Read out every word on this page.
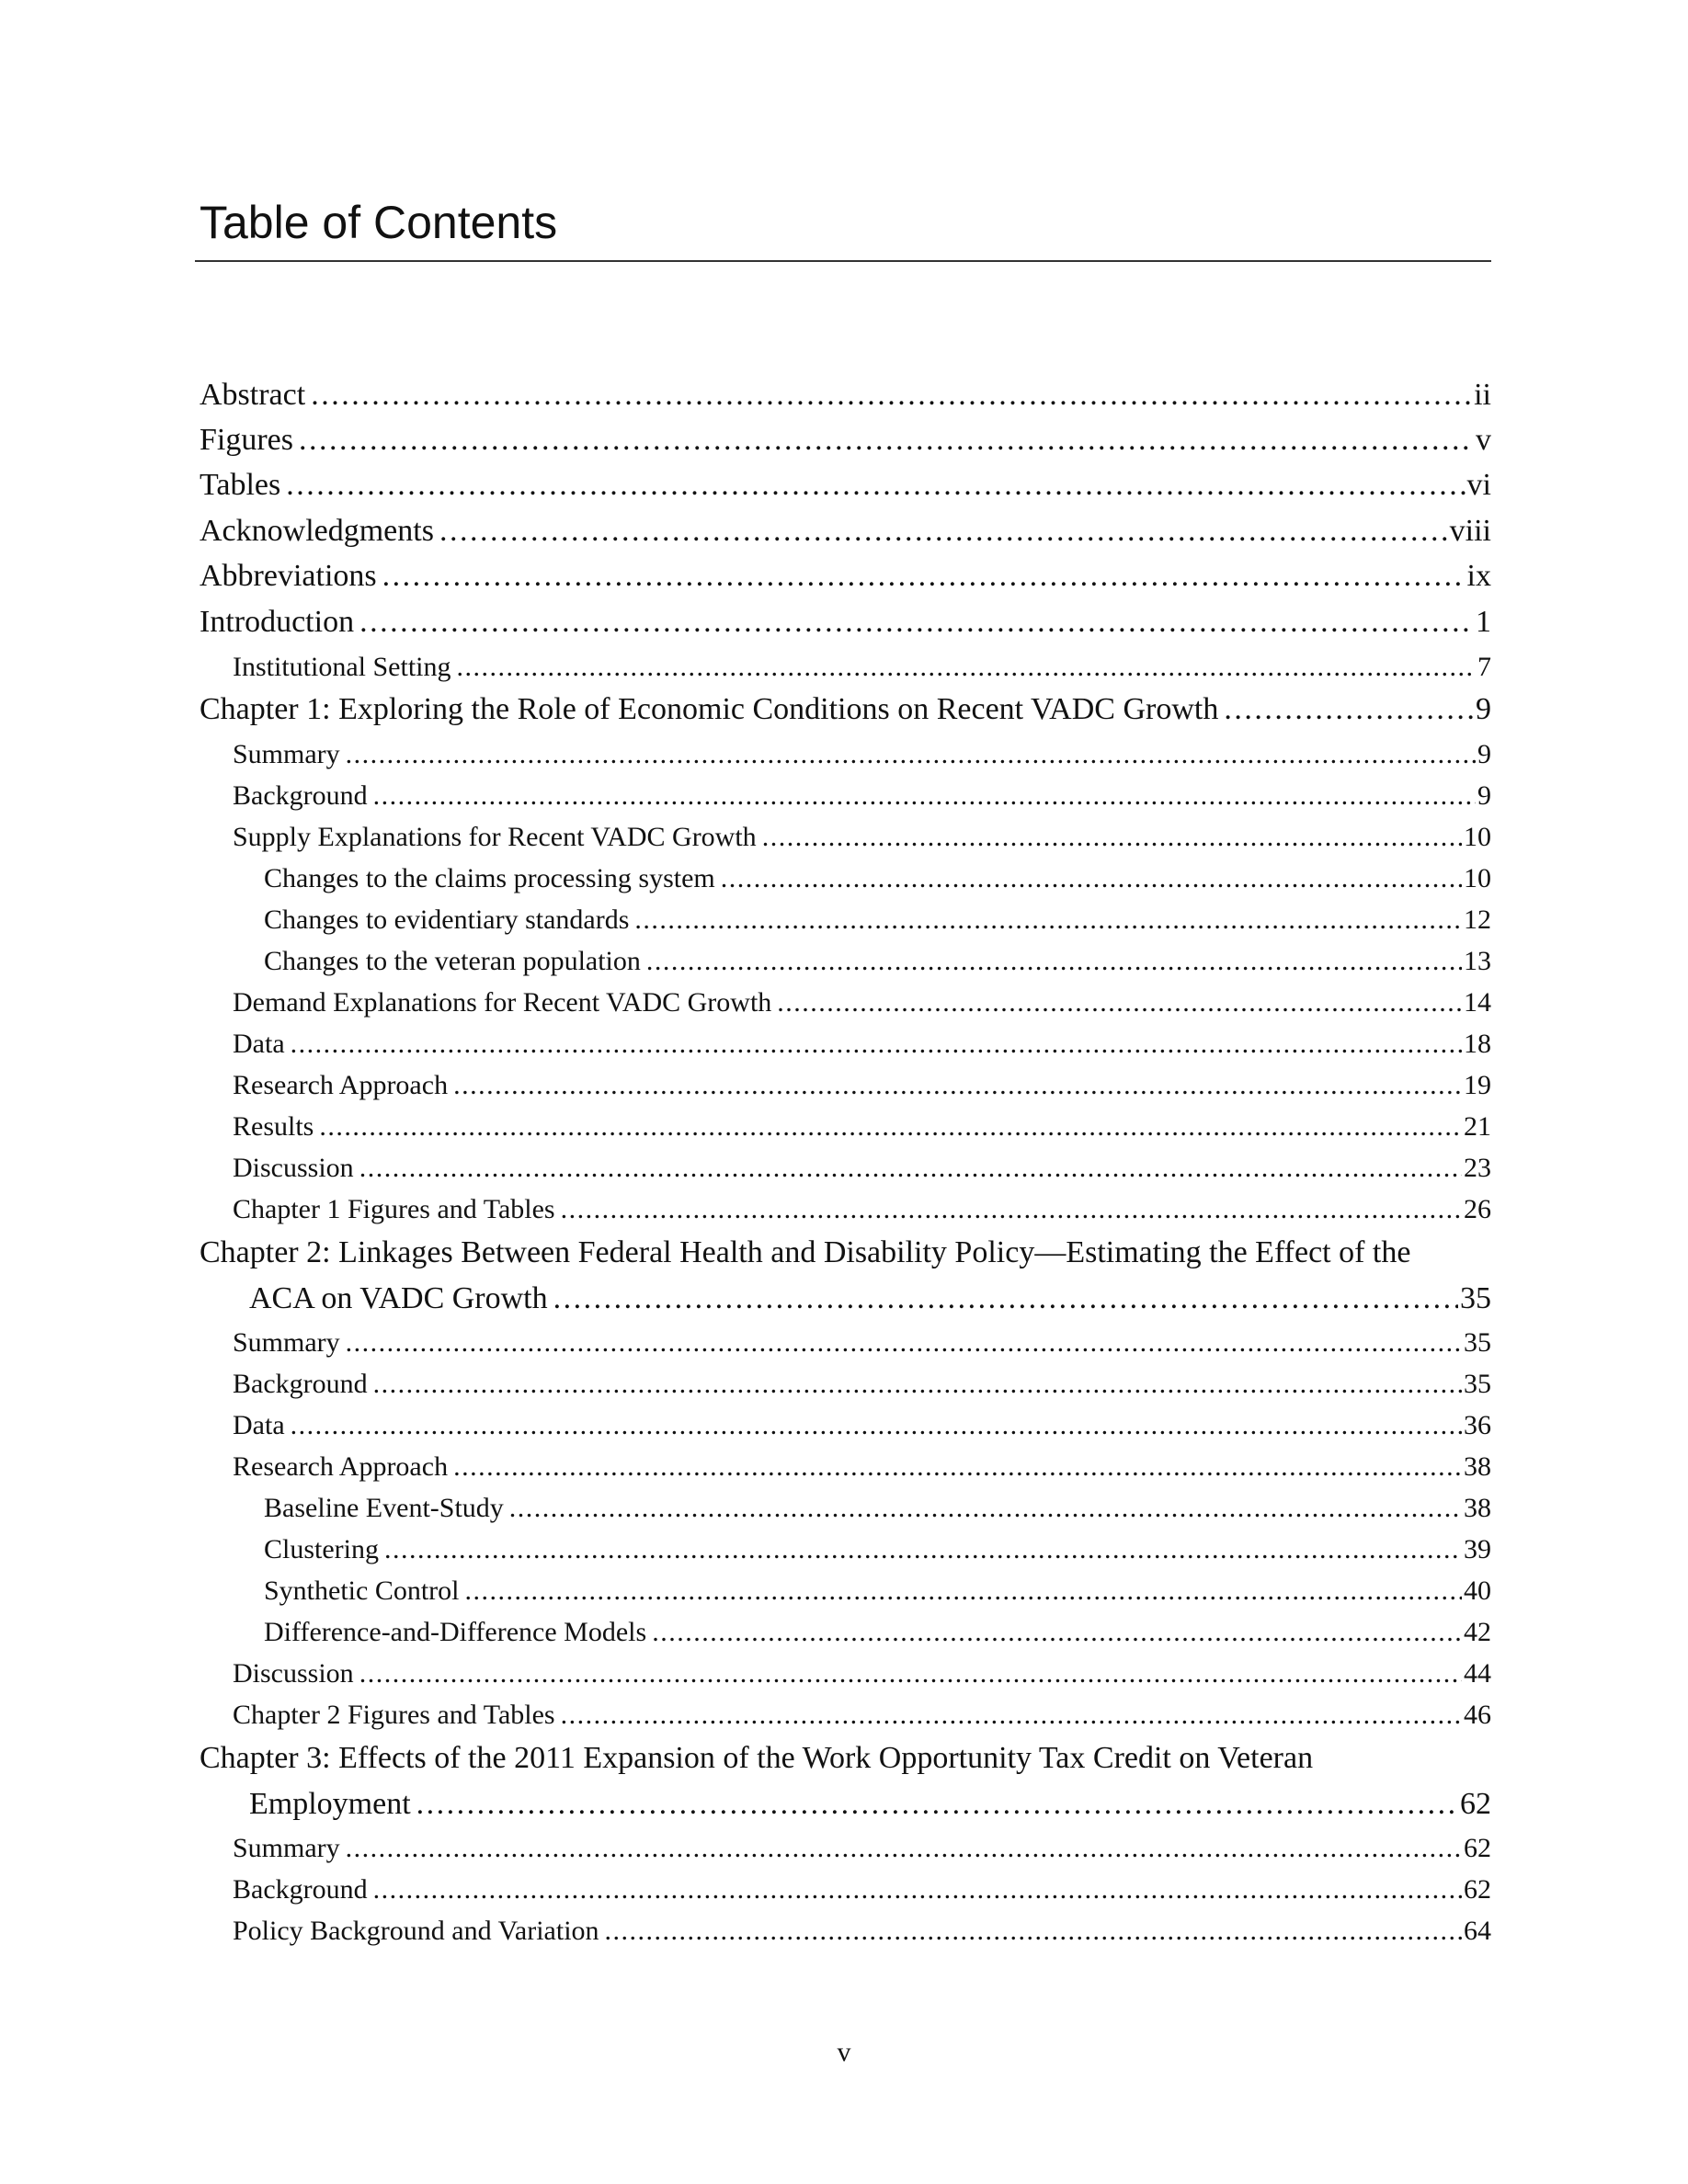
Table of Contents
Abstract . . .	ii
Figures . . .	v
Tables . . .	vi
Acknowledgments . . .	viii
Abbreviations . . .	ix
Introduction . . .	1
Institutional Setting . . .	7
Chapter 1: Exploring the Role of Economic Conditions on Recent VADC Growth . . .	9
Summary . . .	9
Background . . .	9
Supply Explanations for Recent VADC Growth . . .	10
Changes to the claims processing system . . .	10
Changes to evidentiary standards . . .	12
Changes to the veteran population . . .	13
Demand Explanations for Recent VADC Growth . . .	14
Data . . .	18
Research Approach . . .	19
Results . . .	21
Discussion . . .	23
Chapter 1 Figures and Tables . . .	26
Chapter 2: Linkages Between Federal Health and Disability Policy—Estimating the Effect of the
ACA on VADC Growth . . .	35
Summary . . .	35
Background . . .	35
Data . . .	36
Research Approach . . .	38
Baseline Event-Study . . .	38
Clustering . . .	39
Synthetic Control . . .	40
Difference-and-Difference Models . . .	42
Discussion . . .	44
Chapter 2 Figures and Tables . . .	46
Chapter 3: Effects of the 2011 Expansion of the Work Opportunity Tax Credit on Veteran
Employment . . .	62
Summary . . .	62
Background . . .	62
Policy Background and Variation . . .	64
v
